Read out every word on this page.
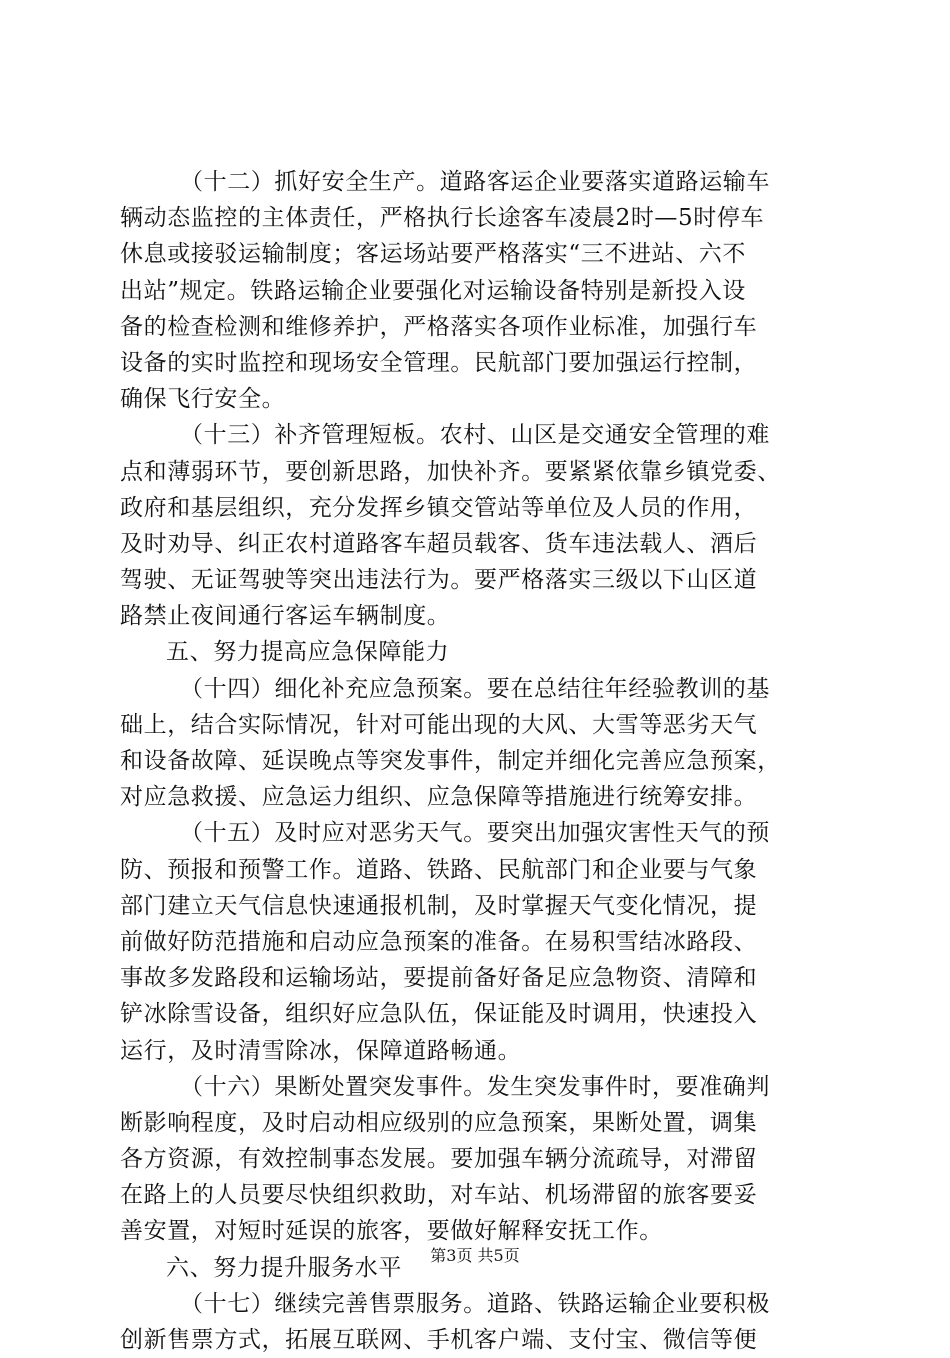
（十二）抓好安全生产。道路客运企业要落实道路运输车
辆动态监控的主体责任，严格执行长途客车凌晨2时—5时停车
休息或接驳运输制度；客运场站要严格落实“三不进站、六不
出站”规定。铁路运输企业要强化对运输设备特别是新投入设
备的检查检测和维修养护，严格落实各项作业标准，加强行车
设备的实时监控和现场安全管理。民航部门要加强运行控制，
确保飞行安全。
（十三）补齐管理短板。农村、山区是交通安全管理的难
点和薄弱环节，要创新思路，加快补齐。要紧紧依靠乡镇党委、
政府和基层组织，充分发挥乡镇交管站等单位及人员的作用，
及时劝导、纠正农村道路客车超员载客、货车违法载人、酒后
驾驶、无证驾驶等突出违法行为。要严格落实三级以下山区道
路禁止夜间通行客运车辆制度。
五、努力提高应急保障能力
（十四）细化补充应急预案。要在总结往年经验教训的基
础上，结合实际情况，针对可能出现的大风、大雪等恶劣天气
和设备故障、延误晚点等突发事件，制定并细化完善应急预案，
对应急救援、应急运力组织、应急保障等措施进行统筹安排。
（十五）及时应对恶劣天气。要突出加强灾害性天气的预
防、预报和预警工作。道路、铁路、民航部门和企业要与气象
部门建立天气信息快速通报机制，及时掌握天气变化情况，提
前做好防范措施和启动应急预案的准备。在易积雪结冰路段、
事故多发路段和运输场站，要提前备好备足应急物资、清障和
铲冰除雪设备，组织好应急队伍，保证能及时调用，快速投入
运行，及时清雪除冰，保障道路畅通。
（十六）果断处置突发事件。发生突发事件时，要准确判
断影响程度，及时启动相应级别的应急预案，果断处置，调集
各方资源，有效控制事态发展。要加强车辆分流疏导，对滞留
在路上的人员要尽快组织救助，对车站、机场滞留的旅客要妥
善安置，对短时延误的旅客，要做好解释安抚工作。
六、努力提升服务水平
（十七）继续完善售票服务。道路、铁路运输企业要积极
创新售票方式，拓展互联网、手机客户端、支付宝、微信等便
第3页 共5页
